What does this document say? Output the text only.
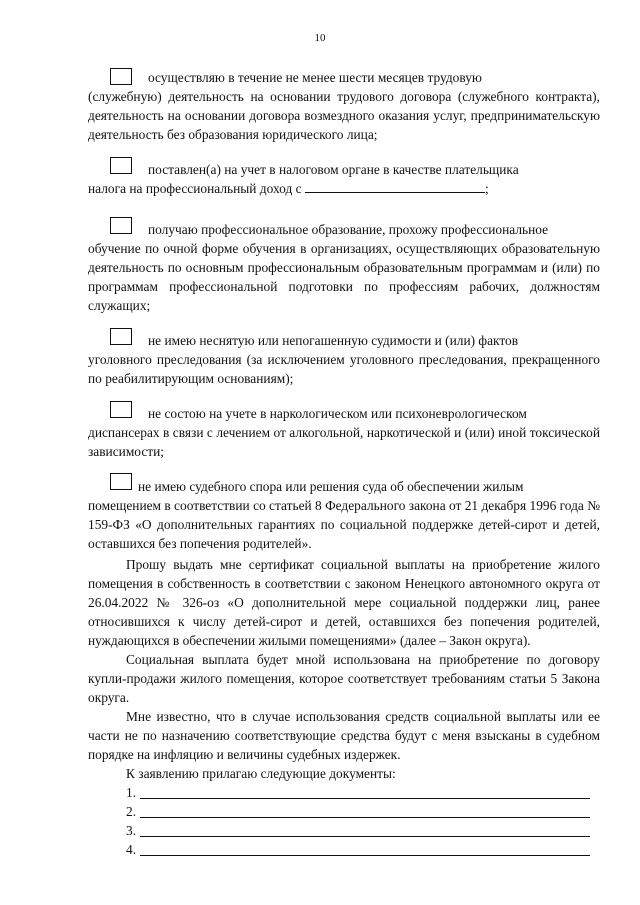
10
осуществляю в течение не менее шести месяцев трудовую
(служебную) деятельность на основании трудового договора (служебного контракта), деятельность на основании договора возмездного оказания услуг, предпринимательскую деятельность без образования юридического лица;
поставлен(а) на учет в налоговом органе в качестве плательщика
налога на профессиональный доход с	;
получаю профессиональное образование, прохожу профессиональное
обучение по очной форме обучения в организациях, осуществляющих образовательную деятельность по основным профессиональным образовательным программам и (или) по программам профессиональной подготовки по профессиям рабочих, должностям служащих;
не имею неснятую или непогашенную судимости и (или) фактов
уголовного преследования (за исключением уголовного преследования, прекращенного по реабилитирующим основаниям);
не состою на учете в наркологическом или психоневрологическом
диспансерах в связи с лечением от алкогольной, наркотической и (или) иной токсической зависимости;
не имею судебного спора или решения суда об обеспечении жилым
помещением в соответствии со статьей 8 Федерального закона от 21 декабря 1996 года № 159-ФЗ «О дополнительных гарантиях по социальной поддержке детей-сирот и детей, оставшихся без попечения родителей».
Прошу выдать мне сертификат социальной выплаты на приобретение жилого помещения в собственность в соответствии с законом Ненецкого автономного округа от 26.04.2022 № 326-оз «О дополнительной мере социальной поддержки лиц, ранее относившихся к числу детей-сирот и детей, оставшихся без попечения родителей, нуждающихся в обеспечении жилыми помещениями» (далее – Закон округа).
Социальная выплата будет мной использована на приобретение по договору купли-продажи жилого помещения, которое соответствует требованиям статьи 5 Закона округа.
Мне известно, что в случае использования средств социальной выплаты или ее части не по назначению соответствующие средства будут с меня взысканы в судебном порядке на инфляцию и величины судебных издержек.
К заявлению прилагаю следующие документы:
1.
2.
3.
4.
